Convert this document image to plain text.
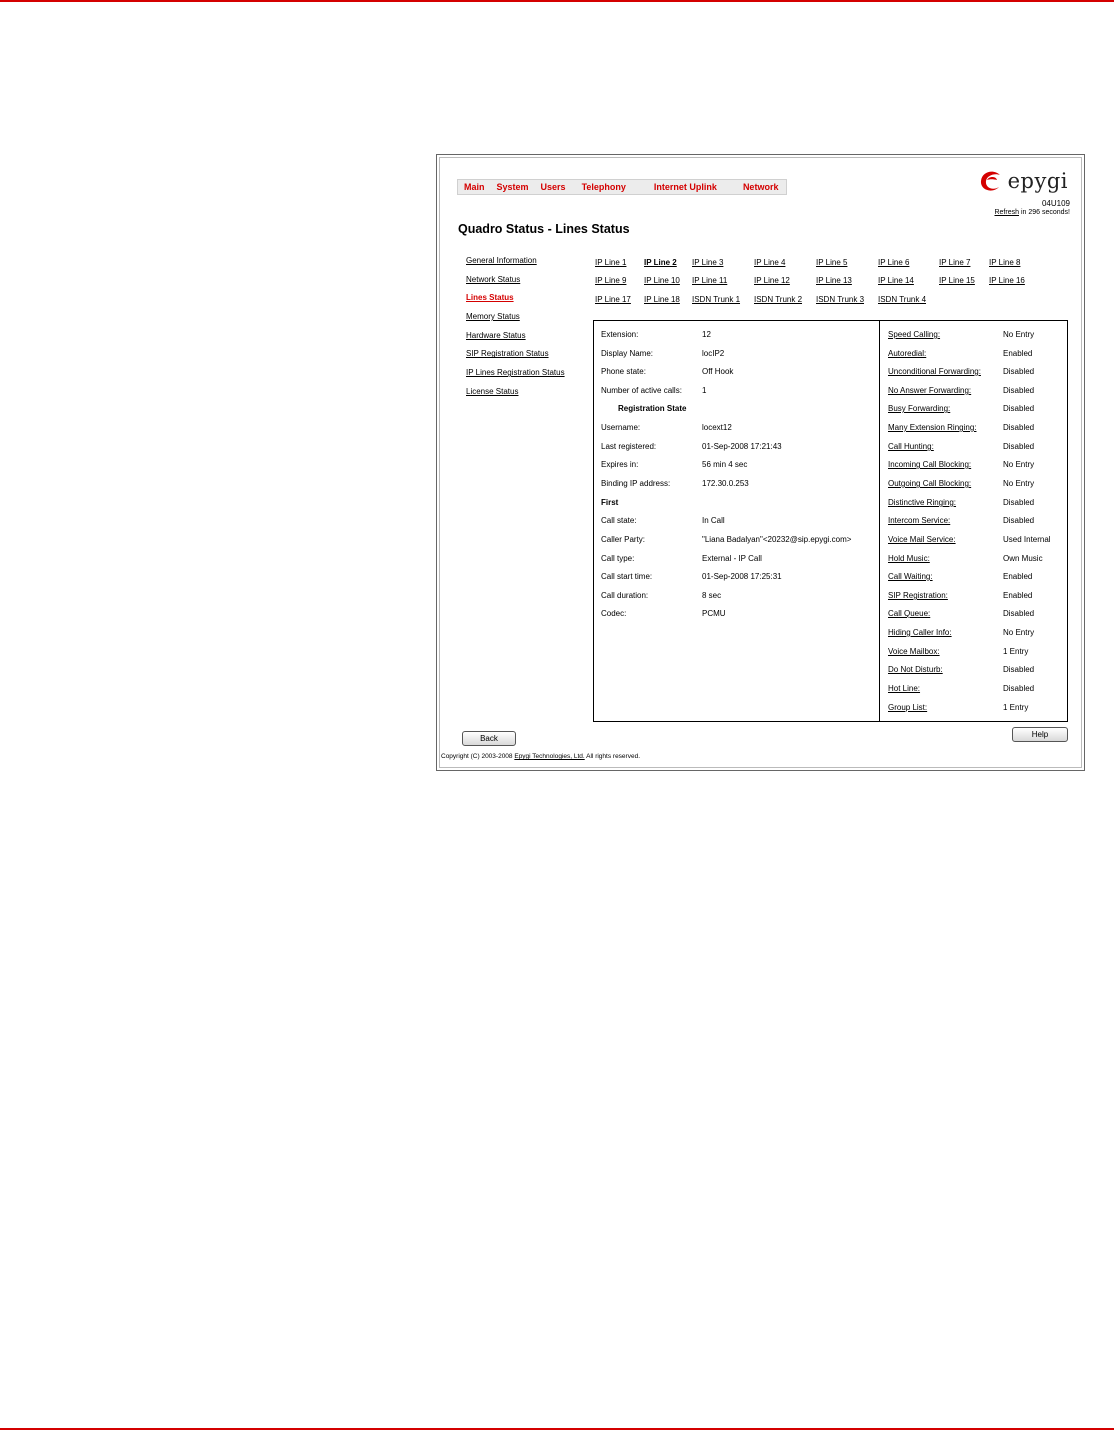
Main	System	Users	Telephony	Internet Uplink	Network	epygi
04U109
Refresh in 296 seconds!
Quadro Status - Lines Status
General Information
Network Status
Lines Status
Memory Status
Hardware Status
SIP Registration Status
IP Lines Registration Status
License Status
IP Line 1 IP Line 2 IP Line 3	IP Line 4	IP Line 5	IP Line 6	IP Line 7 IP Line 8
IP Line 9 IP Line 10 IP Line 11	IP Line 12	IP Line 13	IP Line 14	IP Line 15 IP Line 16
IP Line 17 IP Line 18 ISDN Trunk 1 ISDN Trunk 2 ISDN Trunk 3 ISDN Trunk 4
Extension:	12
Display Name:	locIP2
Phone state:	Off Hook
Number of active calls:	1
Registration State
Username:	locext12
Last registered:	01-Sep-2008 17:21:43
Expires in:	56 min 4 sec
Binding IP address:	172.30.0.253
First
Call state:	In Call
Caller Party:	"Liana Badalyan"<20232@sip.epygi.com>
Call type:	External - IP Call
Call start time:	01-Sep-2008 17:25:31
Call duration:	8 sec
Codec:	PCMU
Speed Calling:	No Entry
Autoredial:	Enabled
Unconditional Forwarding:	Disabled
No Answer Forwarding:	Disabled
Busy Forwarding:	Disabled
Many Extension Ringing:	Disabled
Call Hunting:	Disabled
Incoming Call Blocking:	No Entry
Outgoing Call Blocking:	No Entry
Distinctive Ringing:	Disabled
Intercom Service:	Disabled
Voice Mail Service:	Used Internal
Hold Music:	Own Music
Call Waiting:	Enabled
SIP Registration:	Enabled
Call Queue:	Disabled
Hiding Caller Info:	No Entry
Voice Mailbox:	1 Entry
Do Not Disturb:	Disabled
Hot Line:	Disabled
Group List:	1 Entry
Back	Help
Copyright (C) 2003-2008 Epygi Technologies, Ltd. All rights reserved.
